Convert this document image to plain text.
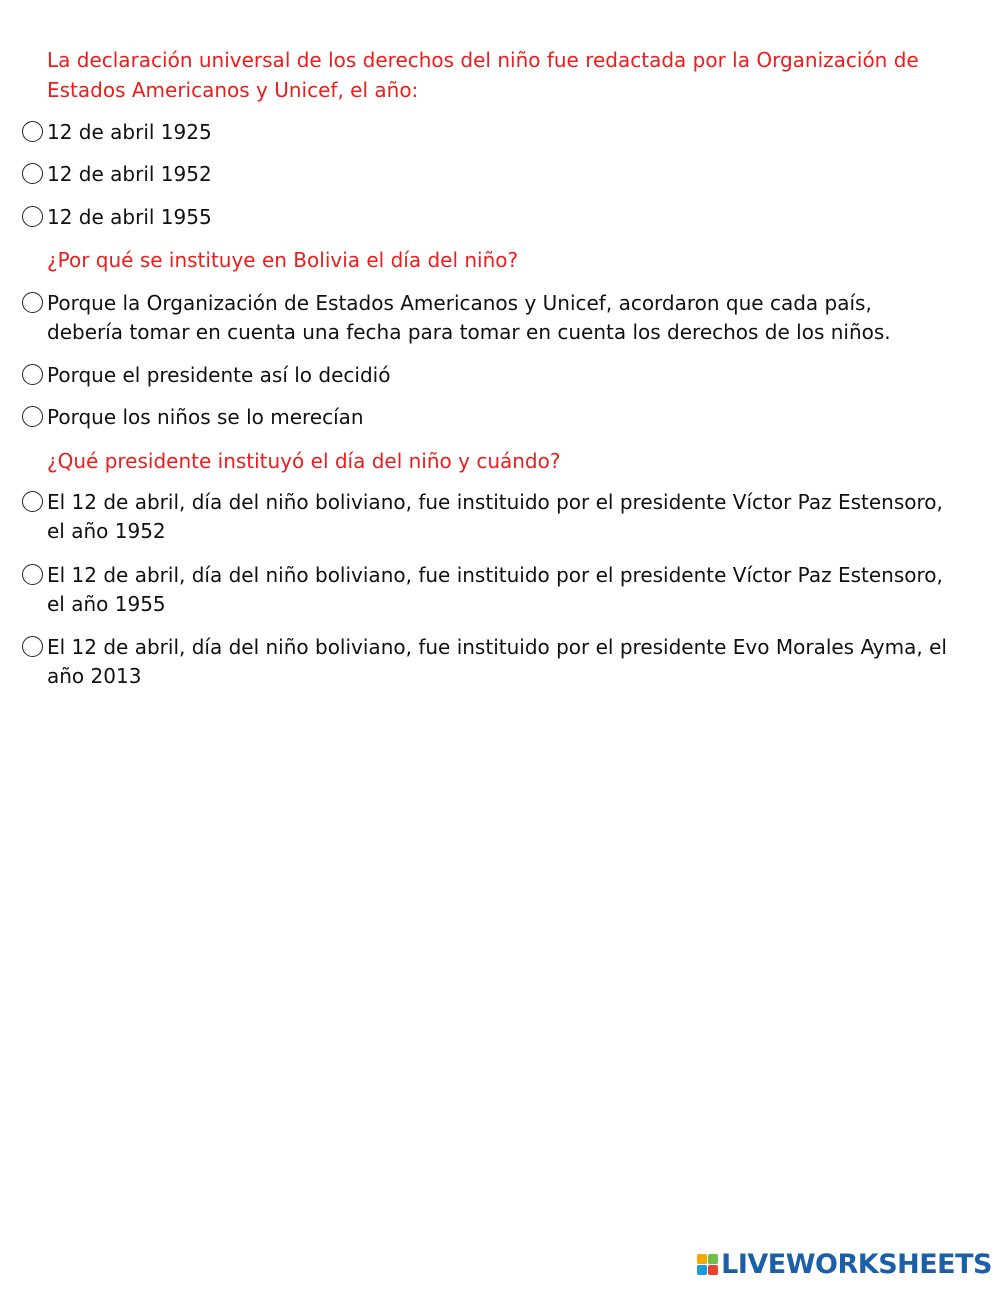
La declaración universal de los derechos del niño fue redactada por la Organización de Estados Americanos y Unicef, el año:
12 de abril 1925
12 de abril 1952
12 de abril 1955
¿Por qué se instituye en Bolivia el día del niño?
Porque la Organización de Estados Americanos y Unicef, acordaron que cada país, debería tomar en cuenta una fecha para tomar en cuenta los derechos de los niños.
Porque el presidente así lo decidió
Porque los niños se lo merecían
¿Qué presidente instituyó el día del niño y cuándo?
El 12 de abril, día del niño boliviano, fue instituido por el presidente Víctor Paz Estensoro, el año 1952
El 12 de abril, día del niño boliviano, fue instituido por el presidente Víctor Paz Estensoro, el año 1955
El 12 de abril, día del niño boliviano, fue instituido por el presidente Evo Morales Ayma, el año 2013
LIVEWORKSHEETS
